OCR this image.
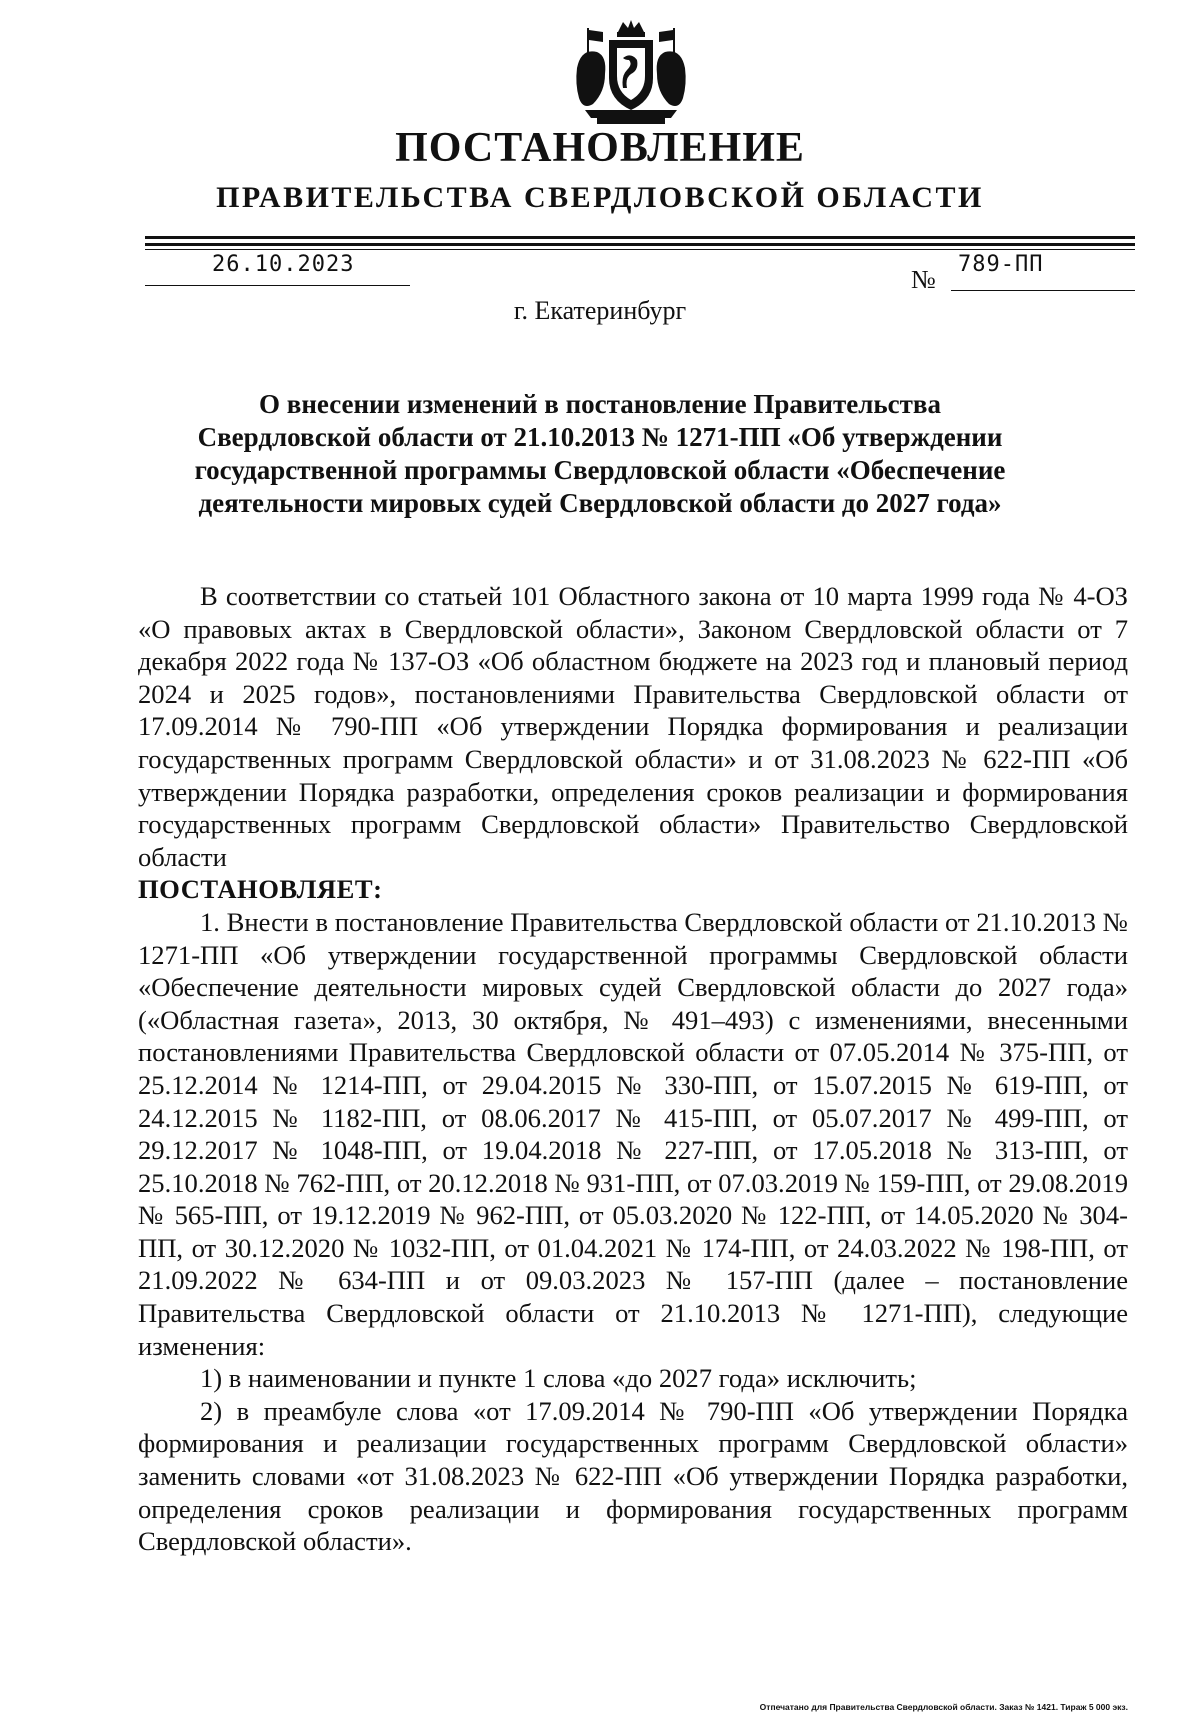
ПОСТАНОВЛЕНИЕ
ПРАВИТЕЛЬСТВА СВЕРДЛОВСКОЙ ОБЛАСТИ
26.10.2023
№
789-ПП
г. Екатеринбург
О внесении изменений в постановление Правительства
Свердловской области от 21.10.2013 № 1271-ПП «Об утверждении
государственной программы Свердловской области «Обеспечение
деятельности мировых судей Свердловской области до 2027 года»

В соответствии со статьей 101 Областного закона от 10 марта 1999 года № 4-ОЗ «О правовых актах в Свердловской области», Законом Свердловской области от 7 декабря 2022 года № 137-ОЗ «Об областном бюджете на 2023 год и плановый период 2024 и 2025 годов», постановлениями Правительства Свердловской области от 17.09.2014 № 790-ПП «Об утверждении Порядка формирования и реализации государственных программ Свердловской области» и от 31.08.2023 № 622-ПП «Об утверждении Порядка разработки, определения сроков реализации и формирования государственных программ Свердловской области» Правительство Свердловской области

ПОСТАНОВЛЯЕТ:

1. Внести в постановление Правительства Свердловской области от 21.10.2013 № 1271-ПП «Об утверждении государственной программы Свердловской области «Обеспечение деятельности мировых судей Свердловской области до 2027 года» («Областная газета», 2013, 30 октября, № 491–493) с изменениями, внесенными постановлениями Правительства Свердловской области от 07.05.2014 № 375-ПП, от 25.12.2014 № 1214-ПП, от 29.04.2015 № 330-ПП, от 15.07.2015 № 619-ПП, от 24.12.2015 № 1182-ПП, от 08.06.2017 № 415-ПП, от 05.07.2017 № 499-ПП, от 29.12.2017 № 1048-ПП, от 19.04.2018 № 227-ПП, от 17.05.2018 № 313-ПП, от 25.10.2018 № 762-ПП, от 20.12.2018 № 931-ПП, от 07.03.2019 № 159-ПП, от 29.08.2019 № 565-ПП, от 19.12.2019 № 962-ПП, от 05.03.2020 № 122-ПП, от 14.05.2020 № 304-ПП, от 30.12.2020 № 1032-ПП, от 01.04.2021 № 174-ПП, от 24.03.2022 № 198-ПП, от 21.09.2022 № 634-ПП и от 09.03.2023 № 157-ПП (далее – постановление Правительства Свердловской области от 21.10.2013 № 1271-ПП), следующие изменения:

1) в наименовании и пункте 1 слова «до 2027 года» исключить;

2) в преамбуле слова «от 17.09.2014 № 790-ПП «Об утверждении Порядка формирования и реализации государственных программ Свердловской области» заменить словами «от 31.08.2023 № 622-ПП «Об утверждении Порядка разработки, определения сроков реализации и формирования государственных программ Свердловской области».

Отпечатано для Правительства Свердловской области. Заказ № 1421. Тираж 5 000 экз.
